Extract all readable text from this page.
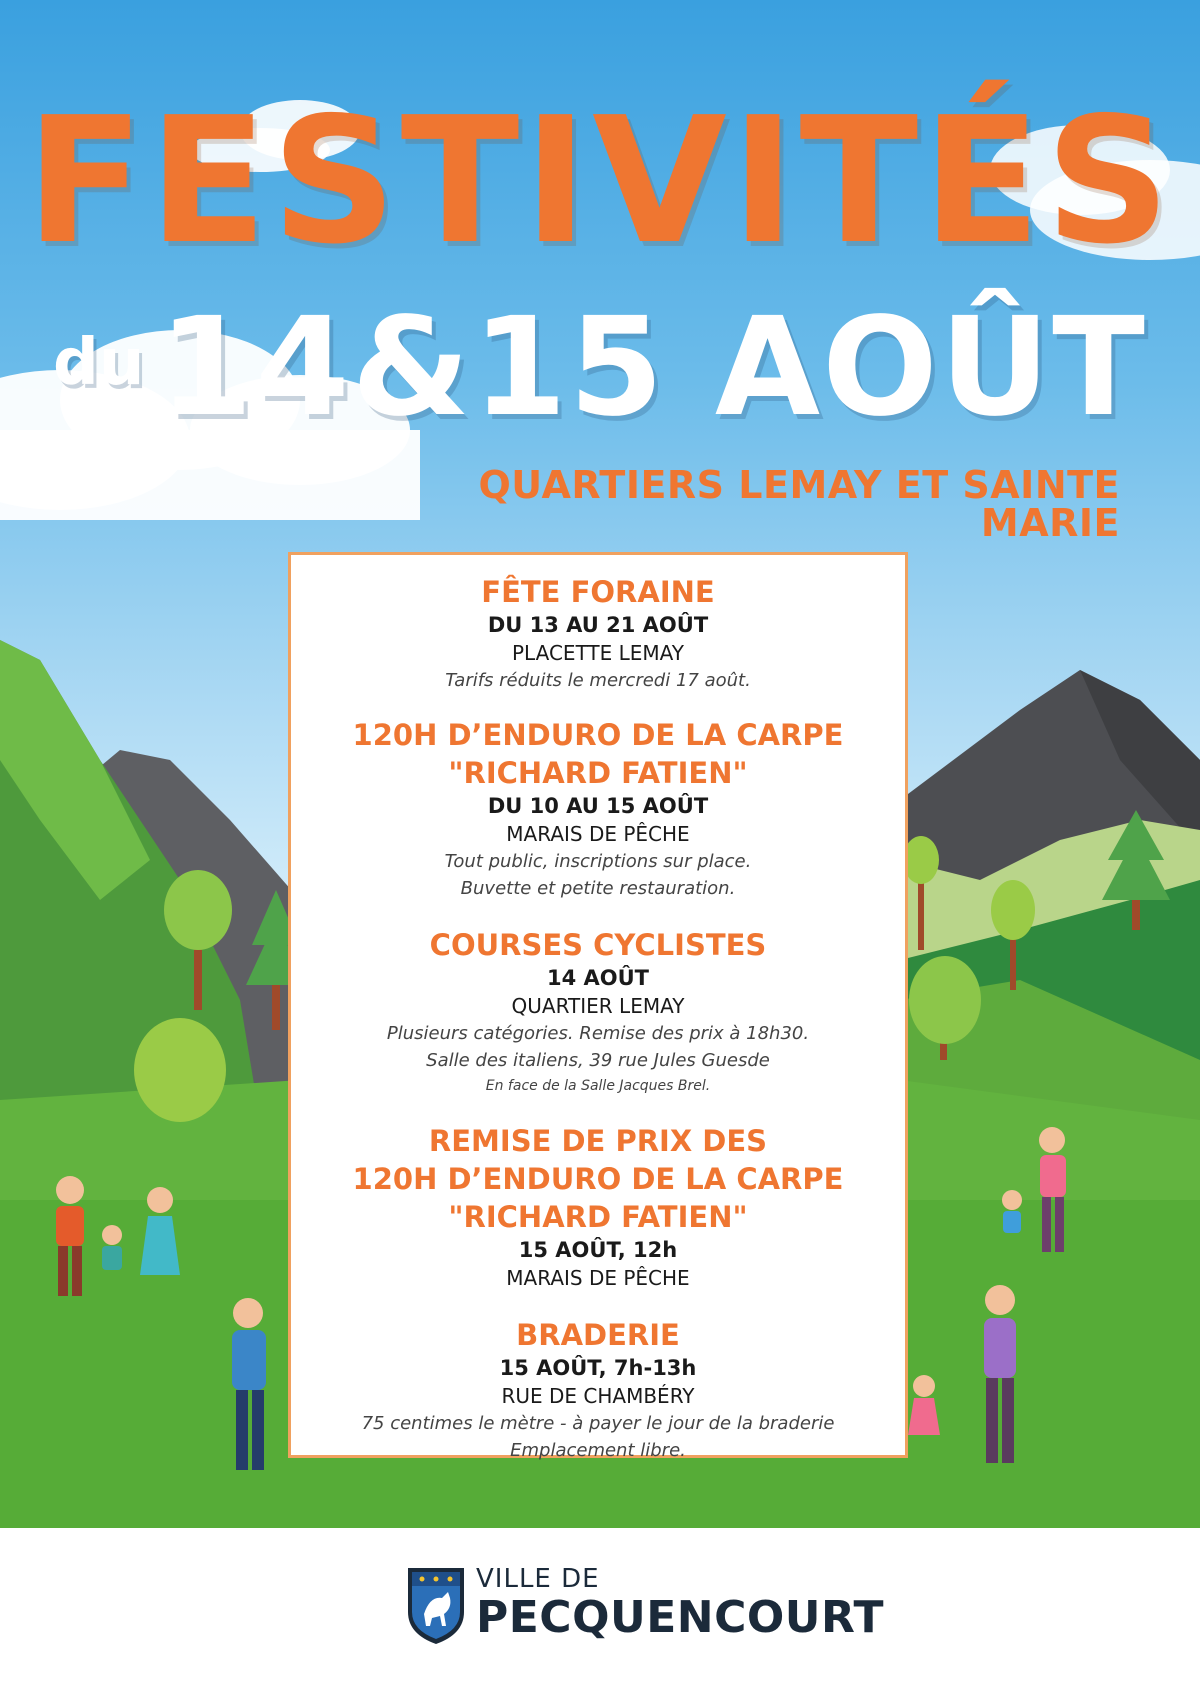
FESTIVITÉS
du 14&15 AOÛT
QUARTIERS LEMAY ET SAINTE MARIE
FÊTE FORAINE
DU 13 AU 21 AOÛT
PLACETTE LEMAY
Tarifs réduits le mercredi 17 août.
120H D’ENDURO DE LA CARPE
"RICHARD FATIEN"
DU 10 AU 15 AOÛT
MARAIS DE PÊCHE
Tout public, inscriptions sur place.
Buvette et petite restauration.
COURSES CYCLISTES
14 AOÛT
QUARTIER LEMAY
Plusieurs catégories. Remise des prix à 18h30.
Salle des italiens, 39 rue Jules Guesde
En face de la Salle Jacques Brel.
REMISE DE PRIX DES
120H D’ENDURO DE LA CARPE
"RICHARD FATIEN"
15 AOÛT, 12h
MARAIS DE PÊCHE
BRADERIE
15 AOÛT, 7h-13h
RUE DE CHAMBÉRY
75 centimes le mètre - à payer le jour de la braderie
Emplacement libre.
VILLE DE
PECQUENCOURT
